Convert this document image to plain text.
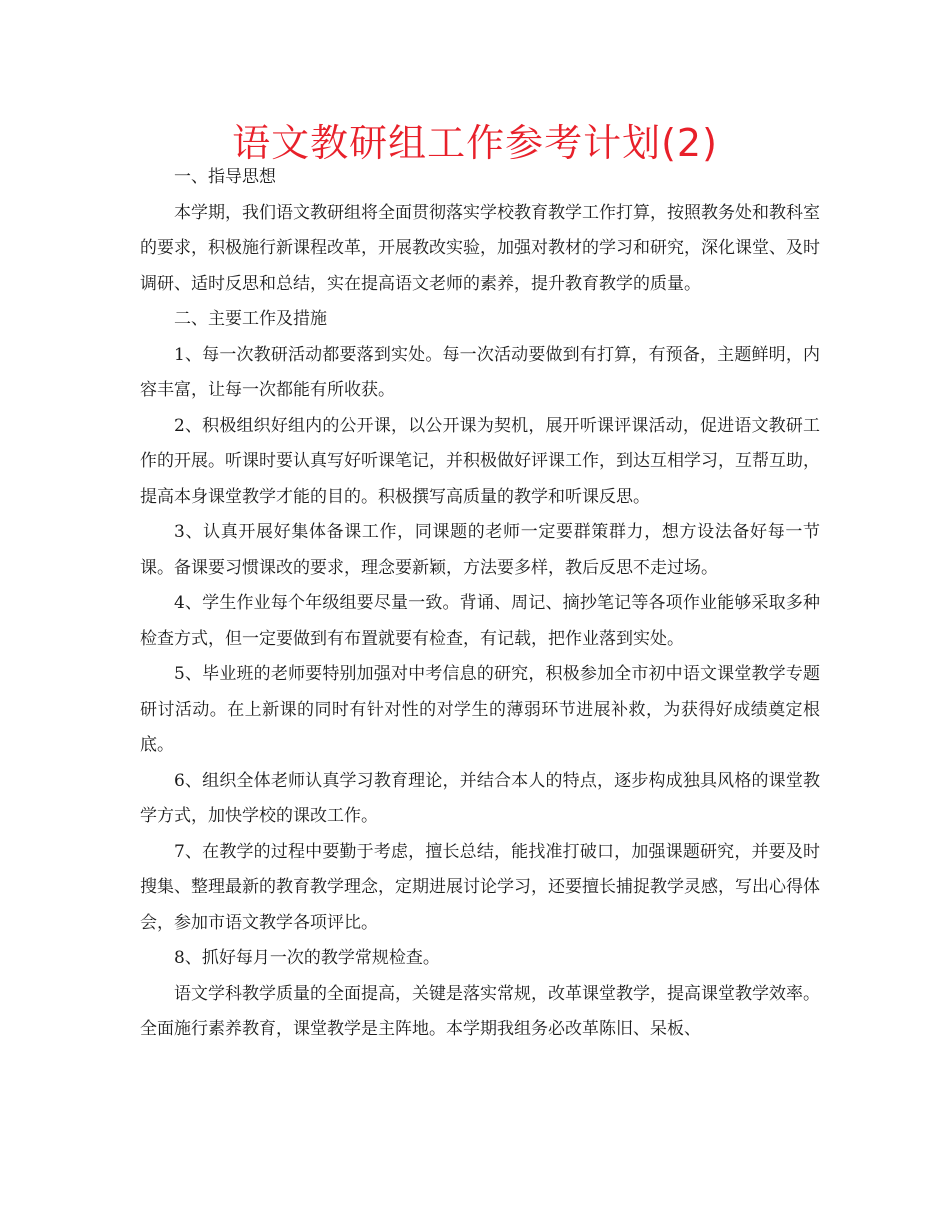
语文教研组工作参考计划(2)

一、指导思想

本学期，我们语文教研组将全面贯彻落实学校教育教学工作打算，按照教务处和教科室的要求，积极施行新课程改革，开展教改实验，加强对教材的学习和研究，深化课堂、及时调研、适时反思和总结，实在提高语文老师的素养，提升教育教学的质量。

二、主要工作及措施

1、每一次教研活动都要落到实处。每一次活动要做到有打算，有预备，主题鲜明，内容丰富，让每一次都能有所收获。

2、积极组织好组内的公开课，以公开课为契机，展开听课评课活动，促进语文教研工作的开展。听课时要认真写好听课笔记，并积极做好评课工作，到达互相学习，互帮互助，提高本身课堂教学才能的目的。积极撰写高质量的教学和听课反思。

3、认真开展好集体备课工作，同课题的老师一定要群策群力，想方设法备好每一节课。备课要习惯课改的要求，理念要新颖，方法要多样，教后反思不走过场。

4、学生作业每个年级组要尽量一致。背诵、周记、摘抄笔记等各项作业能够采取多种检查方式，但一定要做到有布置就要有检查，有记载，把作业落到实处。

5、毕业班的老师要特别加强对中考信息的研究，积极参加全市初中语文课堂教学专题研讨活动。在上新课的同时有针对性的对学生的薄弱环节进展补救，为获得好成绩奠定根底。

6、组织全体老师认真学习教育理论，并结合本人的特点，逐步构成独具风格的课堂教学方式，加快学校的课改工作。

7、在教学的过程中要勤于考虑，擅长总结，能找准打破口，加强课题研究，并要及时搜集、整理最新的教育教学理念，定期进展讨论学习，还要擅长捕捉教学灵感，写出心得体会，参加市语文教学各项评比。

8、抓好每月一次的教学常规检查。

语文学科教学质量的全面提高，关键是落实常规，改革课堂教学，提高课堂教学效率。全面施行素养教育，课堂教学是主阵地。本学期我组务必改革陈旧、呆板、
